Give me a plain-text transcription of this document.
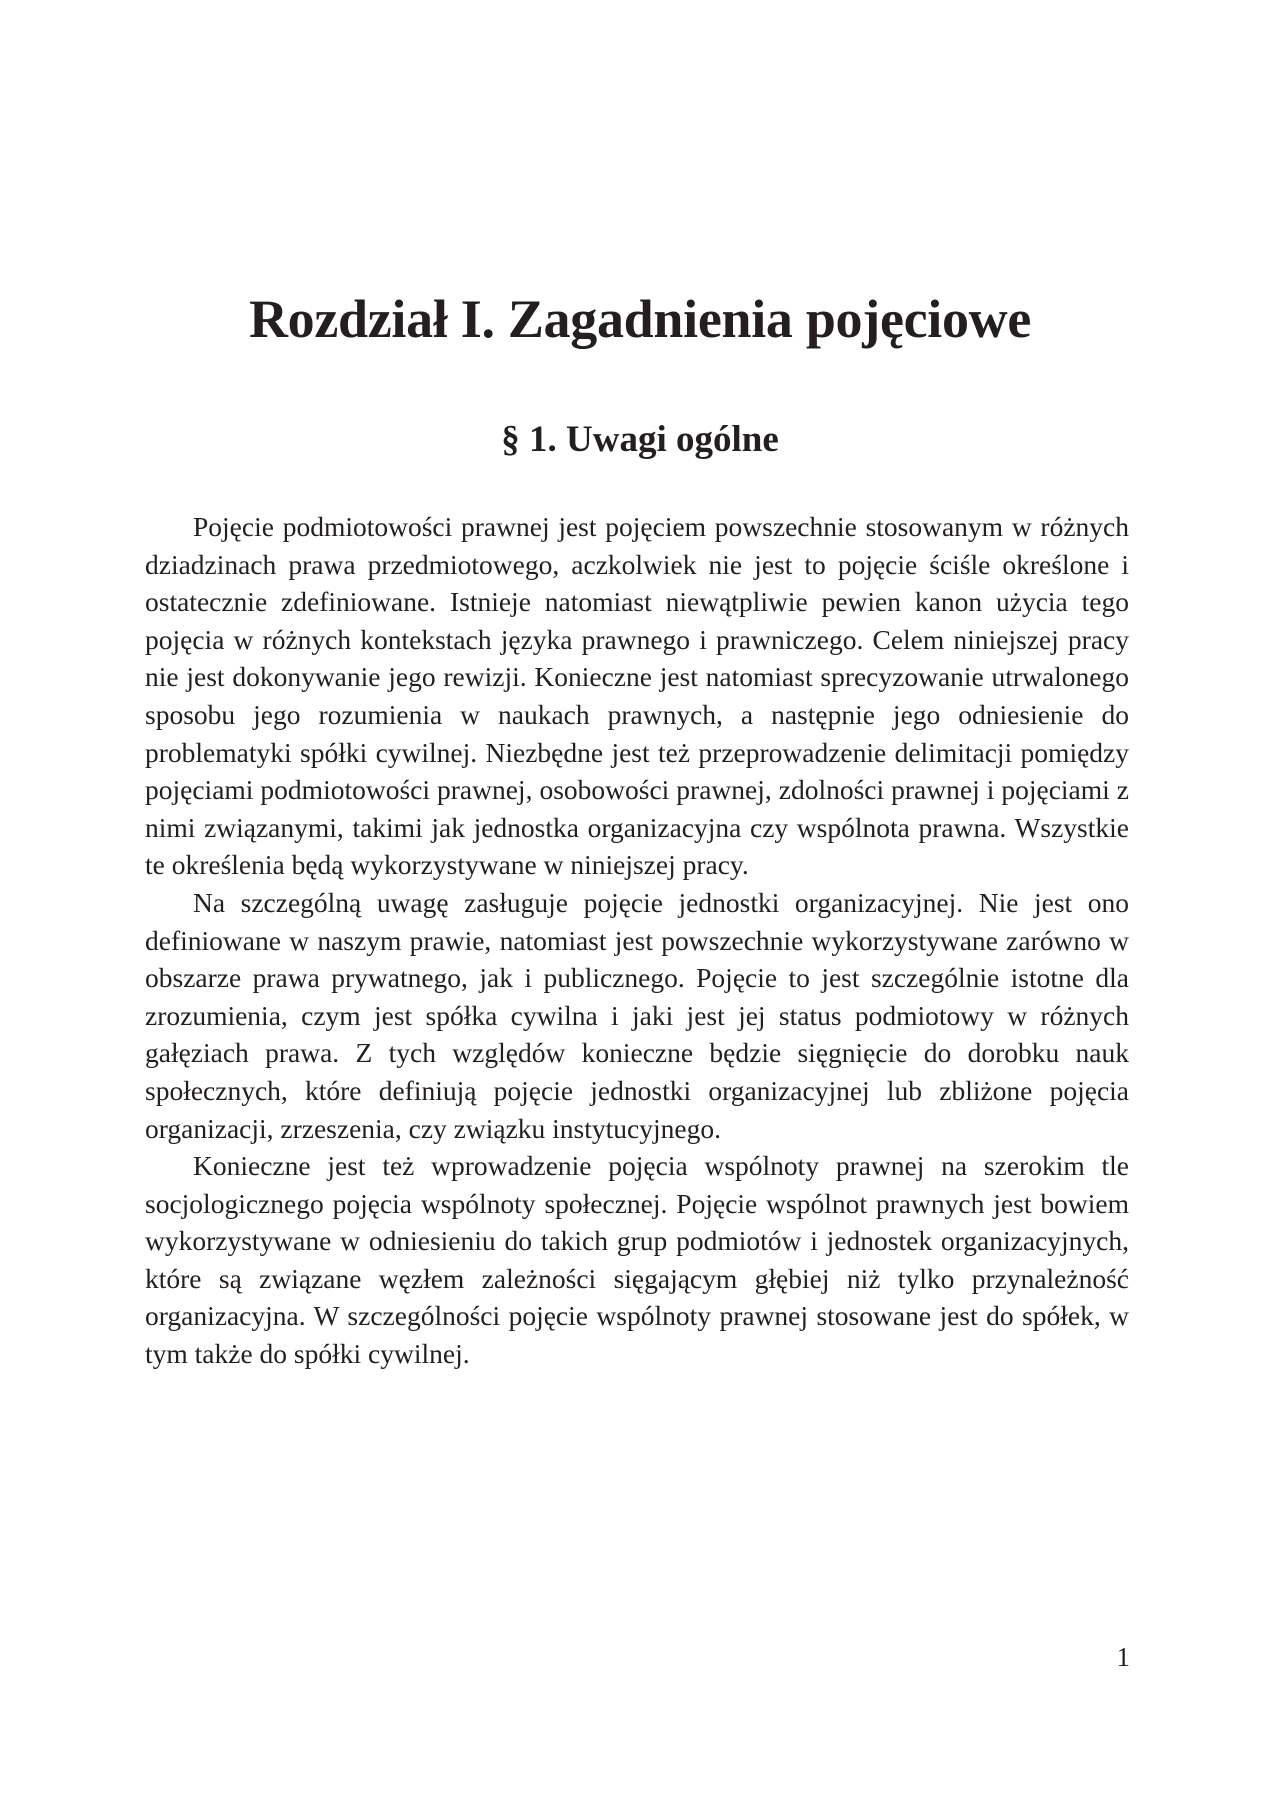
Rozdział I. Zagadnienia pojęciowe
§ 1. Uwagi ogólne

Pojęcie podmiotowości prawnej jest pojęciem powszechnie stosowanym w różnych dziadzinach prawa przedmiotowego, aczkolwiek nie jest to pojęcie ściśle określone i ostatecznie zdefiniowane. Istnieje natomiast niewątpliwie pewien kanon użycia tego pojęcia w różnych kontekstach języka prawnego i prawniczego. Celem niniejszej pracy nie jest dokonywanie jego rewizji. Konieczne jest natomiast sprecyzowanie utrwalonego sposobu jego rozumienia w naukach prawnych, a następnie jego odniesienie do problematyki spółki cywilnej. Niezbędne jest też przeprowadzenie delimitacji pomiędzy pojęciami podmiotowości prawnej, osobowości prawnej, zdolności prawnej i pojęciami z nimi związanymi, takimi jak jednostka organizacyjna czy wspólnota prawna. Wszystkie te określenia będą wykorzystywane w niniejszej pracy.

Na szczególną uwagę zasługuje pojęcie jednostki organizacyjnej. Nie jest ono definiowane w naszym prawie, natomiast jest powszechnie wykorzystywane zarówno w obszarze prawa prywatnego, jak i publicznego. Pojęcie to jest szczególnie istotne dla zrozumienia, czym jest spółka cywilna i jaki jest jej status podmiotowy w różnych gałęziach prawa. Z tych względów konieczne będzie sięgnięcie do dorobku nauk społecznych, które definiują pojęcie jednostki organizacyjnej lub zbliżone pojęcia organizacji, zrzeszenia, czy związku instytucyjnego.

Konieczne jest też wprowadzenie pojęcia wspólnoty prawnej na szerokim tle socjologicznego pojęcia wspólnoty społecznej. Pojęcie wspólnot prawnych jest bowiem wykorzystywane w odniesieniu do takich grup podmiotów i jednostek organizacyjnych, które są związane węzłem zależności sięgającym głębiej niż tylko przynależność organizacyjna. W szczególności pojęcie wspólnoty prawnej stosowane jest do spółek, w tym także do spółki cywilnej.

1
